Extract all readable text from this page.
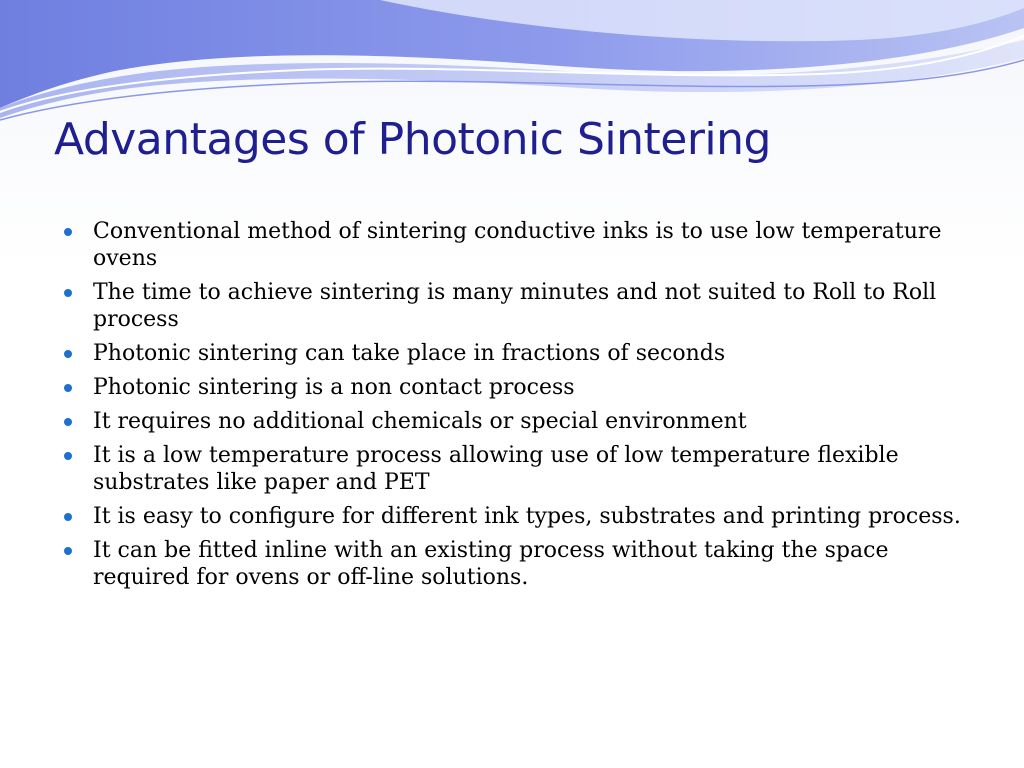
Advantages of Photonic Sintering
Conventional method of sintering conductive inks is to use low temperature ovens
The time to achieve sintering is many minutes and not suited to Roll to Roll process
Photonic sintering can take place in fractions of seconds
Photonic sintering is a non contact process
It requires no additional chemicals or special environment
It is a low temperature process allowing use of low temperature flexible substrates like paper and PET
It is easy to configure for different ink types, substrates and printing process.
It can be fitted inline with an existing process without taking the space required for ovens or off-line solutions.
